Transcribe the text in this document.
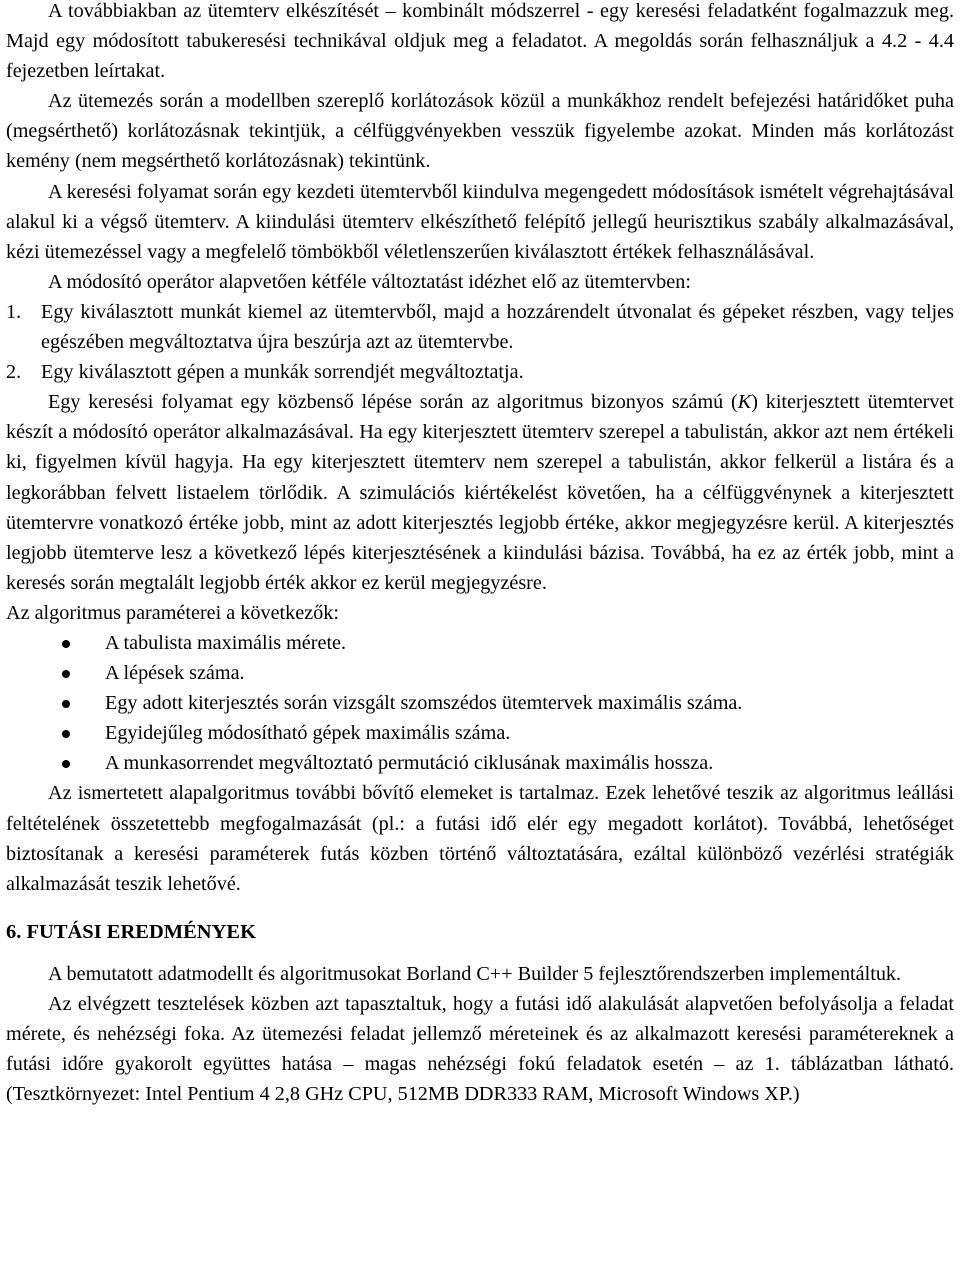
A továbbiakban az ütemterv elkészítését – kombinált módszerrel - egy keresési feladatként fogalmazzuk meg. Majd egy módosított tabukeresési technikával oldjuk meg a feladatot. A megoldás során felhasználjuk a 4.2 - 4.4 fejezetben leírtakat.

Az ütemezés során a modellben szereplő korlátozások közül a munkákhoz rendelt befejezési határidőket puha (megsérthető) korlátozásnak tekintjük, a célfüggvényekben vesszük figyelembe azokat. Minden más korlátozást kemény (nem megsérthető korlátozásnak) tekintünk.

A keresési folyamat során egy kezdeti ütemtervből kiindulva megengedett módosítások ismételt végrehajtásával alakul ki a végső ütemterv. A kiindulási ütemterv elkészíthető felépítő jellegű heurisztikus szabály alkalmazásával, kézi ütemezéssel vagy a megfelelő tömbökből véletlenszerűen kiválasztott értékek felhasználásával.

A módosító operátor alapvetően kétféle változtatást idézhet elő az ütemtervben:

1. Egy kiválasztott munkát kiemel az ütemtervből, majd a hozzárendelt útvonalat és gépeket részben, vagy teljes egészében megváltoztatva újra beszúrja azt az ütemtervbe.
2. Egy kiválasztott gépen a munkák sorrendjét megváltoztatja.

Egy keresési folyamat egy közbenső lépése során az algoritmus bizonyos számú (K) kiterjesztett ütemtervet készít a módosító operátor alkalmazásával. Ha egy kiterjesztett ütemterv szerepel a tabulistán, akkor azt nem értékeli ki, figyelmen kívül hagyja. Ha egy kiterjesztett ütemterv nem szerepel a tabulistán, akkor felkerül a listára és a legkorábban felvett listaelem törlődik. A szimulációs kiértékelést követően, ha a célfüggvénynek a kiterjesztett ütemtervre vonatkozó értéke jobb, mint az adott kiterjesztés legjobb értéke, akkor megjegyzésre kerül. A kiterjesztés legjobb ütemterve lesz a következő lépés kiterjesztésének a kiindulási bázisa. Továbbá, ha ez az érték jobb, mint a keresés során megtalált legjobb érték akkor ez kerül megjegyzésre.

Az algoritmus paraméterei a következők:

A tabulista maximális mérete.
A lépések száma.
Egy adott kiterjesztés során vizsgált szomszédos ütemtervek maximális száma.
Egyidejűleg módosítható gépek maximális száma.
A munkasorrendet megváltoztató permutáció ciklusának maximális hossza.

Az ismertetett alapalgoritmus további bővítő elemeket is tartalmaz. Ezek lehetővé teszik az algoritmus leállási feltételének összetettebb megfogalmazását (pl.: a futási idő elér egy megadott korlátot). Továbbá, lehetőséget biztosítanak a keresési paraméterek futás közben történő változtatására, ezáltal különböző vezérlési stratégiák alkalmazását teszik lehetővé.

6. FUTÁSI EREDMÉNYEK

A bemutatott adatmodellt és algoritmusokat Borland C++ Builder 5 fejlesztőrendszerben implementáltuk.

Az elvégzett tesztelések közben azt tapasztaltuk, hogy a futási idő alakulását alapvetően befolyásolja a feladat mérete, és nehézségi foka. Az ütemezési feladat jellemző méreteinek és az alkalmazott keresési paramétereknek a futási időre gyakorolt együttes hatása – magas nehézségi fokú feladatok esetén – az 1. táblázatban látható. (Tesztkörnyezet: Intel Pentium 4 2,8 GHz CPU, 512MB DDR333 RAM, Microsoft Windows XP.)
